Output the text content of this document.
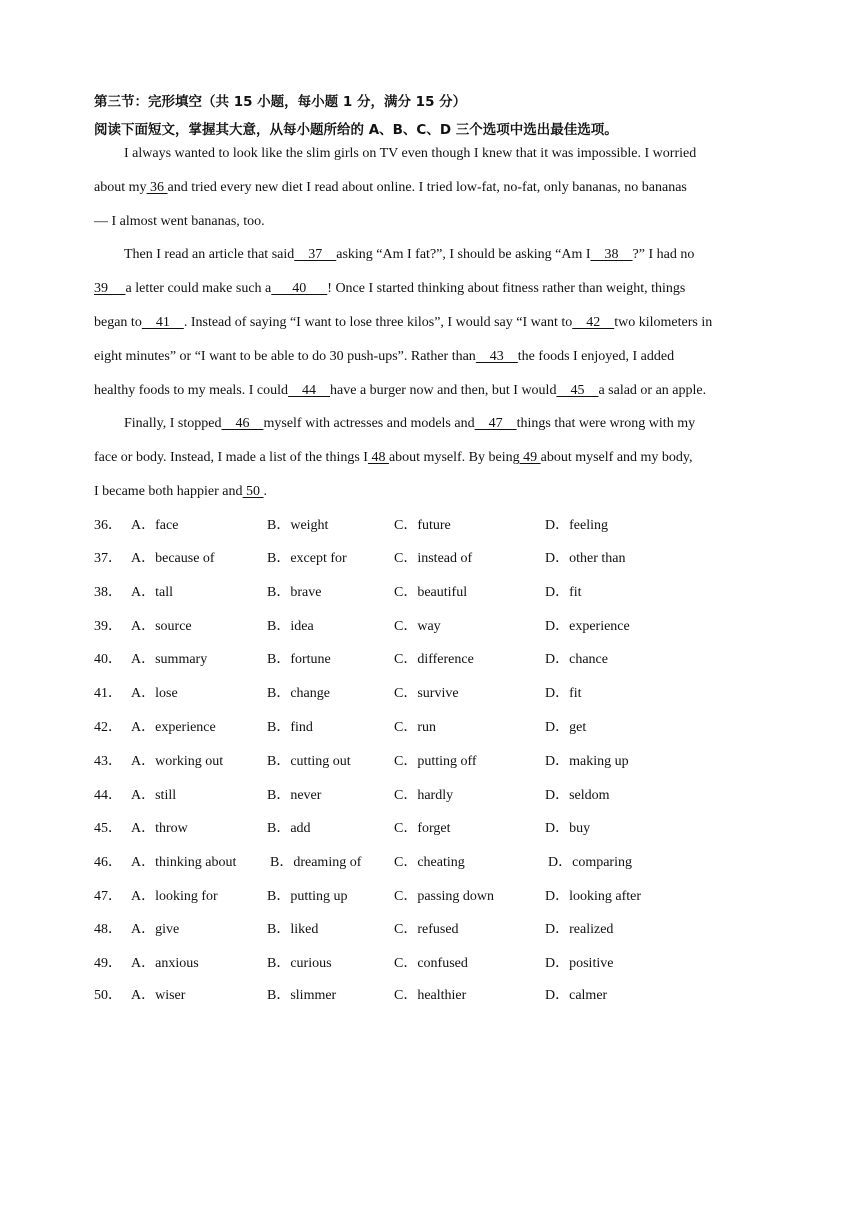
第三节：完形填空（共 15 小题，每小题 1 分，满分 15 分）
阅读下面短文，掌握其大意，从每小题所给的 A、B、C、D 三个选项中选出最佳选项。
I always wanted to look like the slim girls on TV even though I knew that it was impossible. I worried
about my 36 and tried every new diet I read about online. I tried low-fat, no-fat, only bananas, no bananas
— I almost went bananas, too.
Then I read an article that said    37    asking “Am I fat?”, I should be asking “Am I    38    ?” I had no
39     a letter could make such a      40      ! Once I started thinking about fitness rather than weight, things
began to    41    . Instead of saying “I want to lose three kilos”, I would say “I want to    42    two kilometers in
eight minutes” or “I want to be able to do 30 push-ups”. Rather than    43    the foods I enjoyed, I added
healthy foods to my meals. I could    44    have a burger now and then, but I would    45    a salad or an apple.
Finally, I stopped    46    myself with actresses and models and    47    things that were wrong with my
face or body. Instead, I made a list of the things I 48 about myself. By being 49 about myself and my body,
I became both happier and 50 .
36． A．face	B．weight	C．future	D．feeling
37． A．because of	B．except for	C．instead of	D．other than
38． A．tall	B．brave	C．beautiful	D．fit
39． A．source	B．idea	C．way	D．experience
40． A．summary	B．fortune	C．difference	D．chance
41． A．lose	B．change	C．survive	D．fit
42． A．experience	B．find	C．run	D．get
43． A．working out	B．cutting out	C．putting off	D．making up
44． A．still	B．never	C．hardly	D．seldom
45． A．throw	B．add	C．forget	D．buy
46． A．thinking about B．dreaming of C．cheating	D．comparing
47． A．looking for	B．putting up	C．passing down	D．looking after
48． A．give	B．liked	C．refused	D．realized
49． A．anxious	B．curious	C．confused	D．positive
50． A．wiser	B．slimmer	C．healthier	D．calmer
